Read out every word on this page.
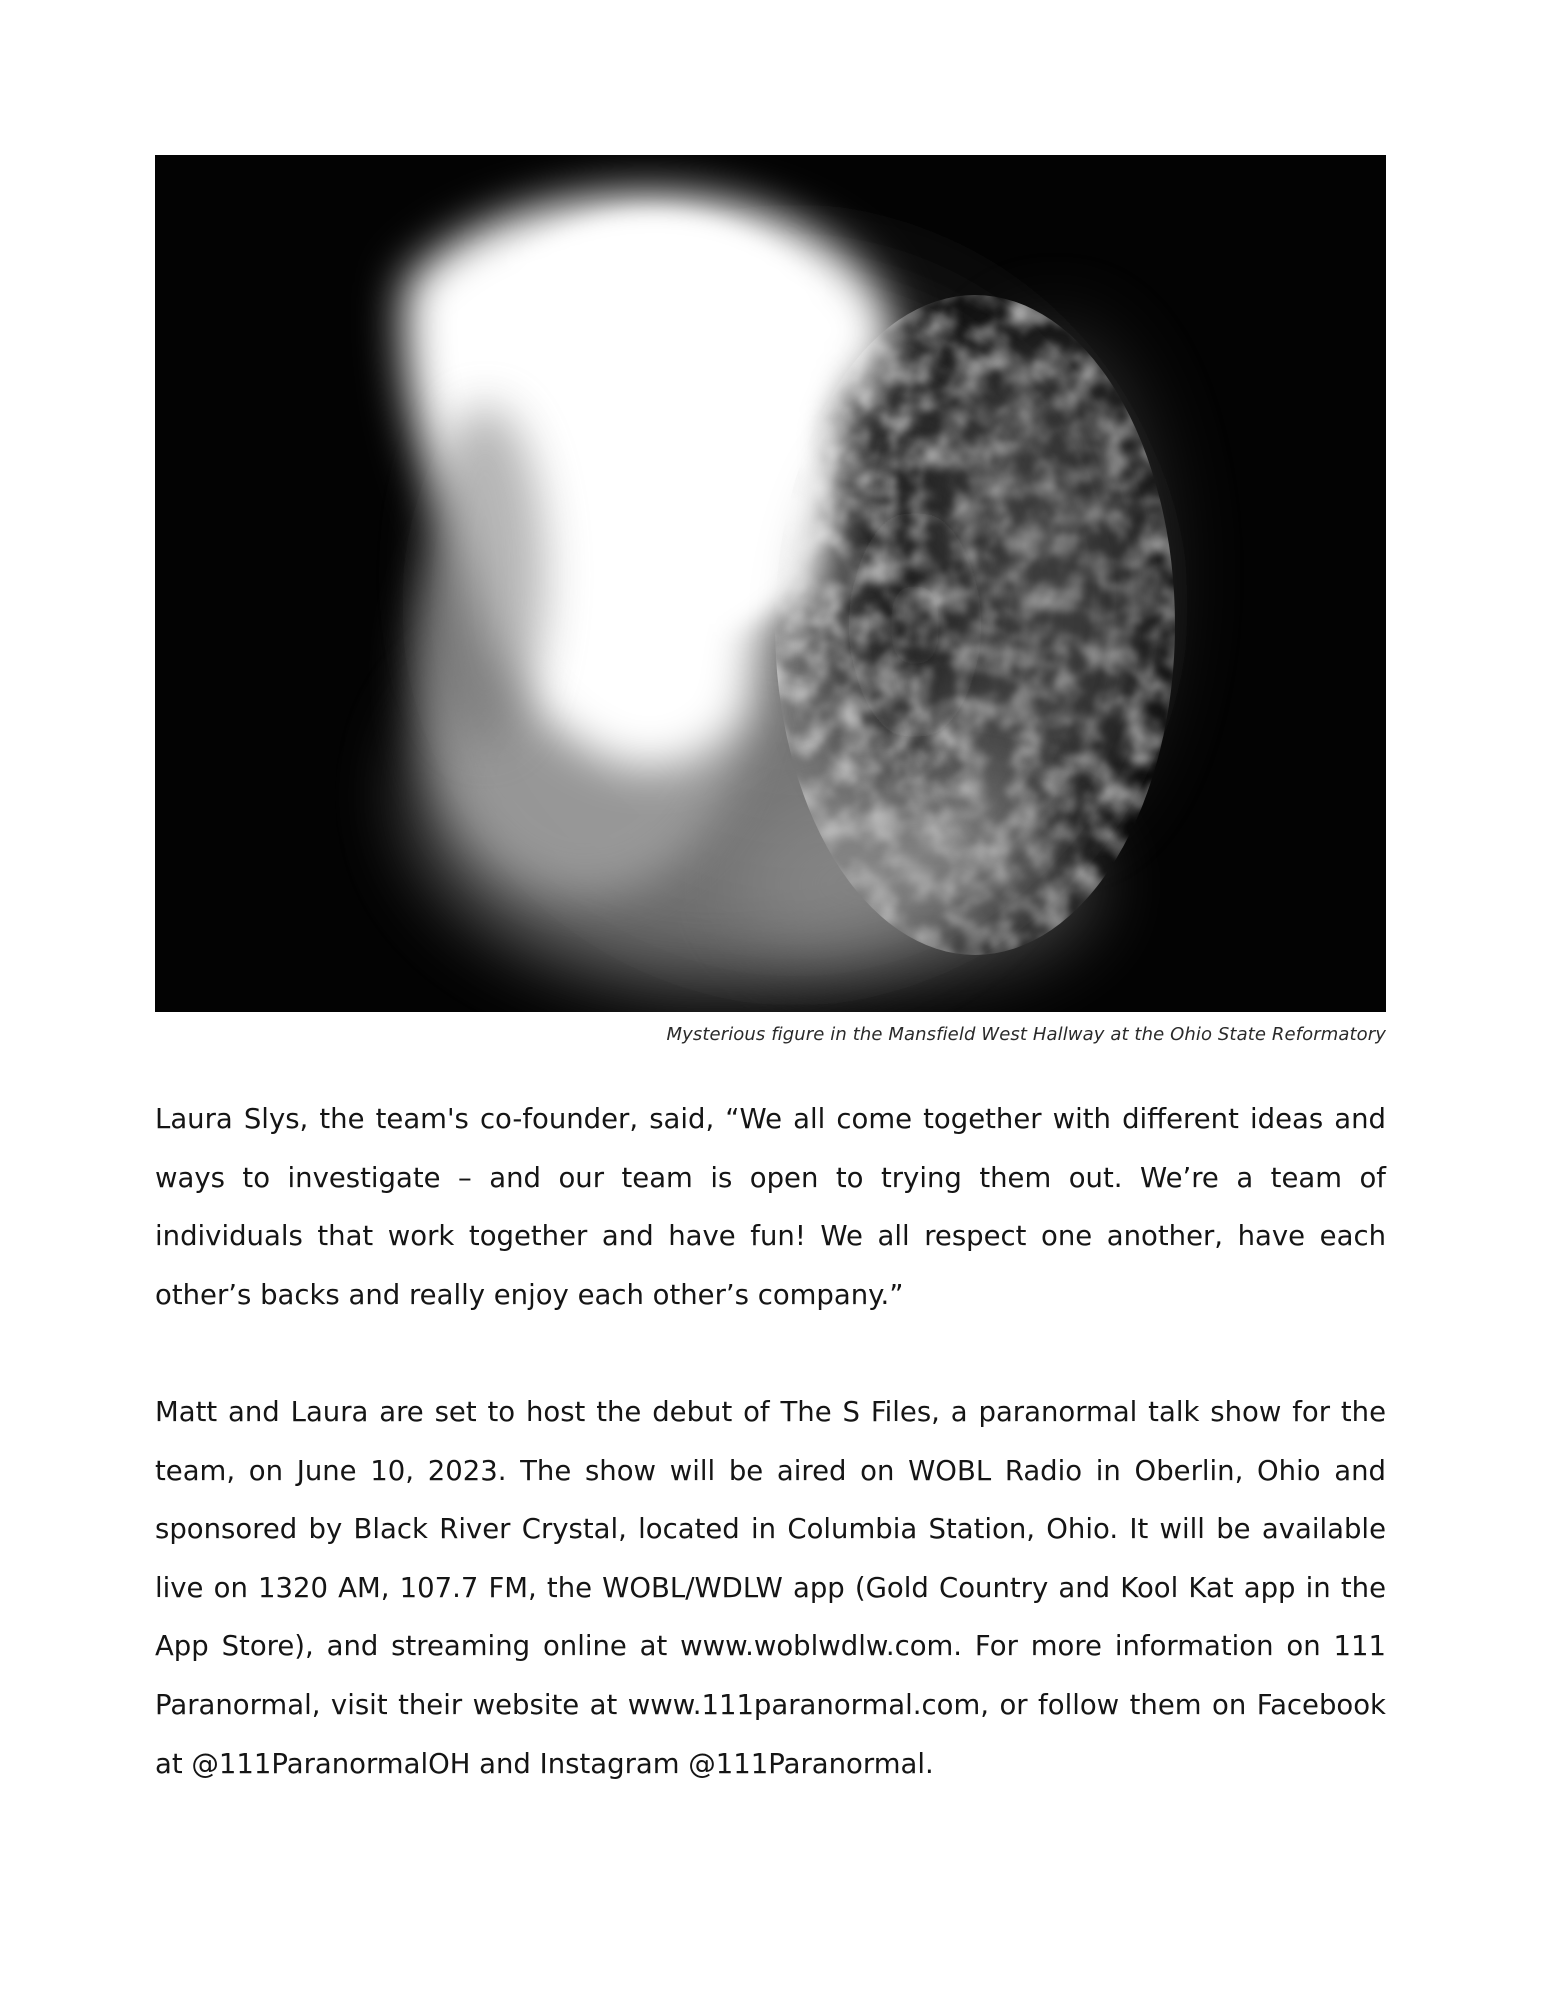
Mysterious figure in the Mansfield West Hallway at the Ohio State Reformatory

Laura Slys, the team's co-founder, said, “We all come together with different ideas and ways to investigate – and our team is open to trying them out. We’re a team of individuals that work together and have fun! We all respect one another, have each other’s backs and really enjoy each other’s company.”

Matt and Laura are set to host the debut of The S Files, a paranormal talk show for the team, on June 10, 2023. The show will be aired on WOBL Radio in Oberlin, Ohio and sponsored by Black River Crystal, located in Columbia Station, Ohio. It will be available live on 1320 AM, 107.7 FM, the WOBL/WDLW app (Gold Country and Kool Kat app in the App Store), and streaming online at www.woblwdlw.com. For more information on 111 Paranormal, visit their website at www.111paranormal.com, or follow them on Facebook at @111ParanormalOH and Instagram @111Paranormal.
